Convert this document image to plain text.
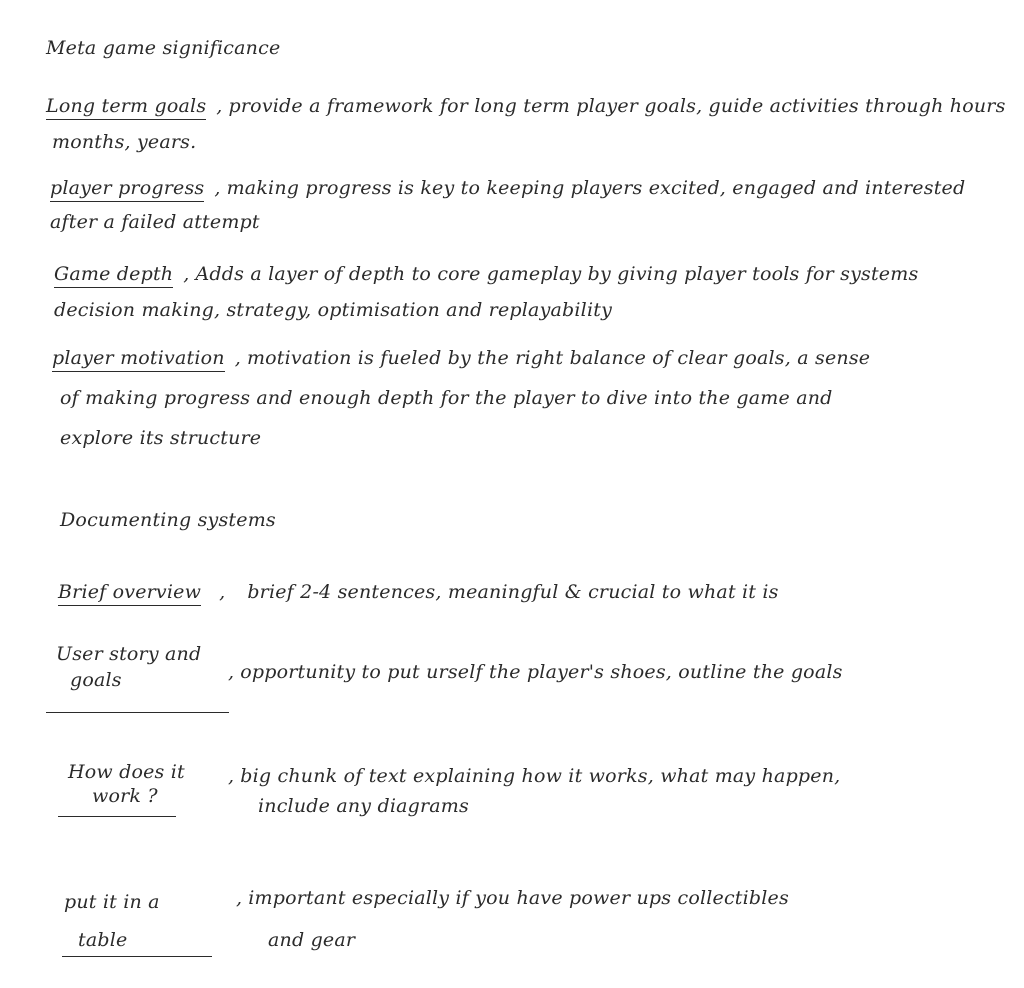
Meta game significance
Long term goals , provide a framework for long term player goals, guide activities through hours
months, years.
player progress , making progress is key to keeping players excited, engaged and interested
after a failed attempt
Game depth , Adds a layer of depth to core gameplay by giving player tools for systems
decision making, strategy, optimisation and replayability
player motivation , motivation is fueled by the right balance of clear goals, a sense
of making progress and enough depth for the player to dive into the game and
explore its structure
Documenting systems
Brief overview , brief 2-4 sentences, meaningful & crucial to what it is
User story and
goals	, opportunity to put urself the player's shoes, outline the goals
How does it
work ?
, big chunk of text explaining how it works, what may happen,
include any diagrams
put it in a
table
, important especially if you have power ups collectibles
and gear
